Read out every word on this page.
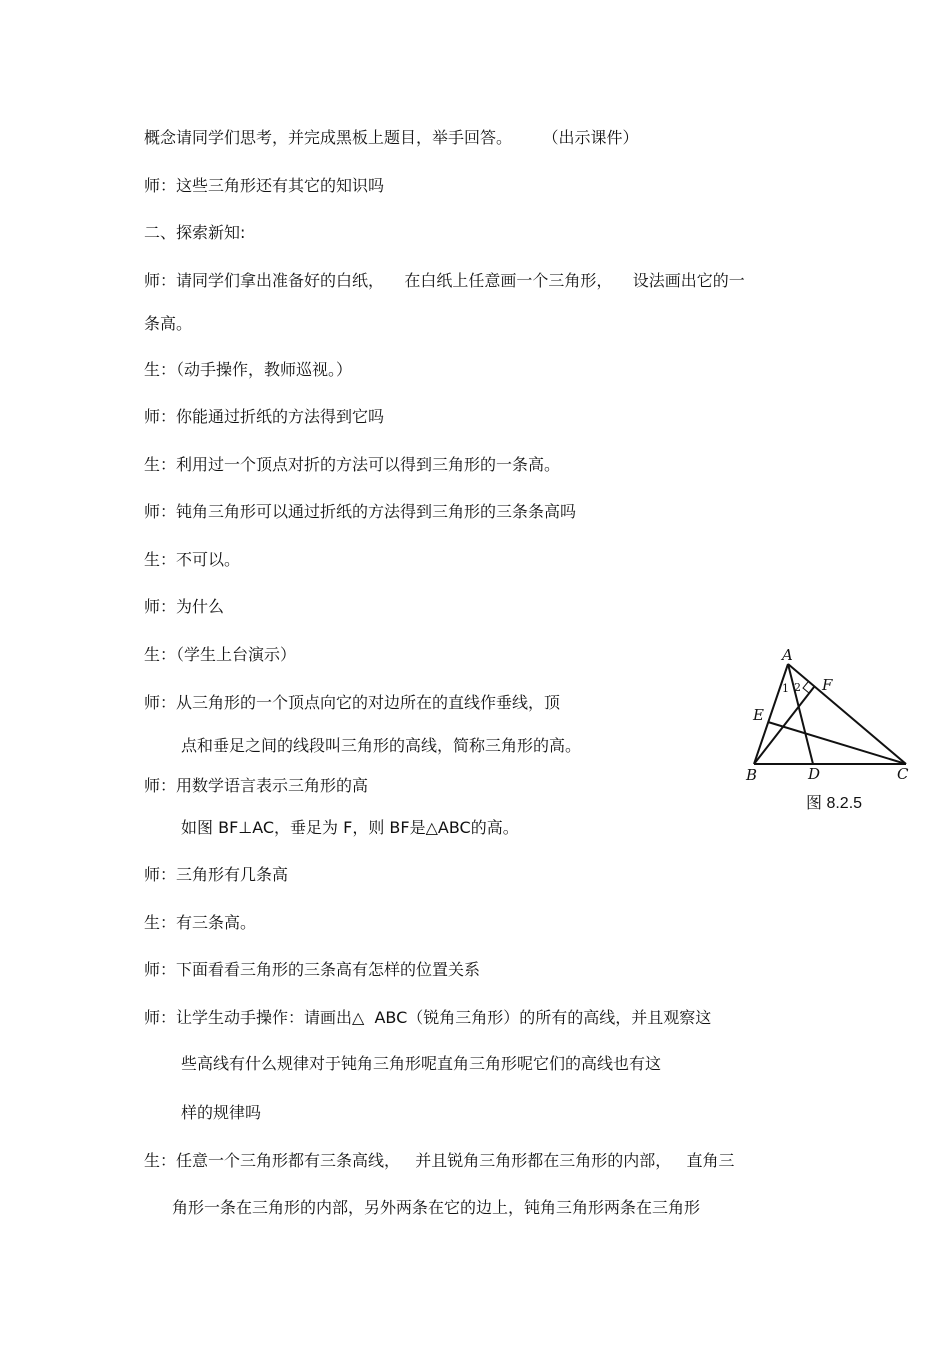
概念请同学们思考，并完成黑板上题目，举手回答。      （出示课件）

师：这些三角形还有其它的知识吗

二、探索新知:

师：请同学们拿出准备好的白纸，    在白纸上任意画一个三角形，    设法画出它的一

条高。

生：（动手操作，教师巡视。）

师：你能通过折纸的方法得到它吗

生：利用过一个顶点对折的方法可以得到三角形的一条高。

师：钝角三角形可以通过折纸的方法得到三角形的三条条高吗

生：不可以。

师：为什么

生：（学生上台演示）

师：从三角形的一个顶点向它的对边所在的直线作垂线，顶

点和垂足之间的线段叫三角形的高线，简称三角形的高。

师：用数学语言表示三角形的高

如图 BF⊥AC，垂足为 F，则 BF是△ABC的高。

师：三角形有几条高

生：有三条高。

师：下面看看三角形的三条高有怎样的位置关系

师：让学生动手操作：请画出△  ABC（锐角三角形）的所有的高线，并且观察这

些高线有什么规律对于钝角三角形呢直角三角形呢它们的高线也有这

样的规律吗

生：任意一个三角形都有三条高线，   并且锐角三角形都在三角形的内部，   直角三

角形一条在三角形的内部，另外两条在它的边上，钝角三角形两条在三角形

A
B	C
D
E
F
1 2
图 8.2.5
